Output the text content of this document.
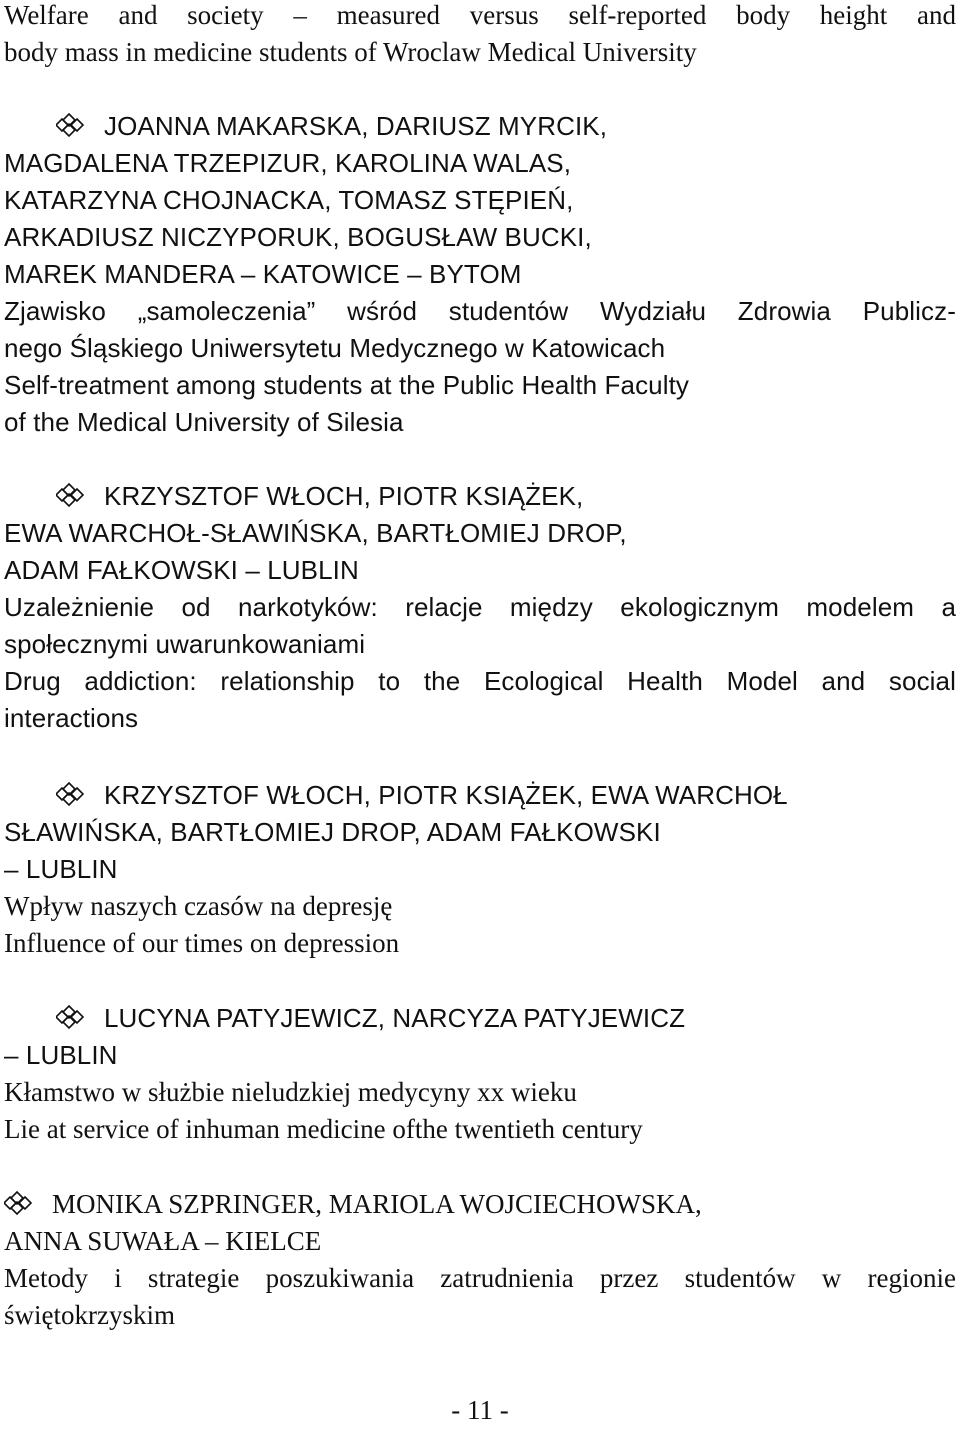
Welfare and society – measured versus self-reported body height and
body mass in medicine students of Wroclaw Medical University
JOANNA MAKARSKA, DARIUSZ MYRCIK,
MAGDALENA TRZEPIZUR, KAROLINA WALAS,
KATARZYNA CHOJNACKA, TOMASZ STĘPIEŃ,
ARKADIUSZ NICZYPORUK, BOGUSŁAW BUCKI,
MAREK MANDERA – KATOWICE – BYTOM
Zjawisko „samoleczenia” wśród studentów Wydziału Zdrowia Publicz-
nego Śląskiego Uniwersytetu Medycznego w Katowicach
Self-treatment among students at the Public Health Faculty
of the Medical University of Silesia
KRZYSZTOF WŁOCH, PIOTR KSIĄŻEK,
EWA WARCHOŁ-SŁAWIŃSKA, BARTŁOMIEJ DROP,
ADAM FAŁKOWSKI – LUBLIN
Uzależnienie od narkotyków: relacje między ekologicznym modelem a
społecznymi uwarunkowaniami
Drug addiction: relationship to the Ecological Health Model and social
interactions
KRZYSZTOF WŁOCH, PIOTR KSIĄŻEK, EWA WARCHOŁ
SŁAWIŃSKA, BARTŁOMIEJ DROP, ADAM FAŁKOWSKI
– LUBLIN
Wpływ naszych czasów na depresję
Influence of our times on depression
LUCYNA PATYJEWICZ, NARCYZA PATYJEWICZ
– LUBLIN
Kłamstwo w służbie nieludzkiej medycyny xx wieku
Lie at service of inhuman medicine ofthe twentieth century
MONIKA SZPRINGER, MARIOLA WOJCIECHOWSKA,
ANNA SUWAŁA – KIELCE
Metody i strategie poszukiwania zatrudnienia przez studentów w regionie
świętokrzyskim
- 11 -
